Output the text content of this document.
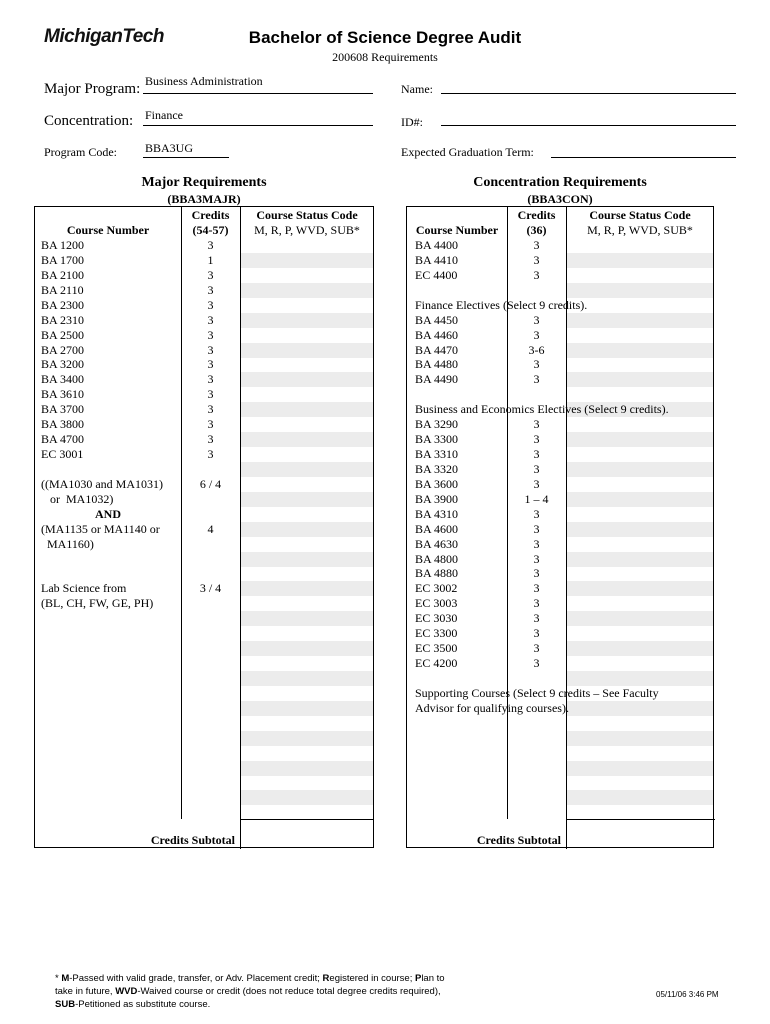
MichiganTech	Bachelor of Science Degree Audit
200608 Requirements
Major Program: Business Administration
Concentration: Finance
Program Code: BBA3UG
Name:
ID#:
Expected Graduation Term:
Major Requirements
(BBA3MAJR)
Concentration Requirements
(BBA3CON)
Credits
(54-57)
Course Number
Course Status Code
M, R, P, WVD, SUB*
BA 1200	3
BA 1700	1
BA 2100	3
BA 2110	3
BA 2300	3
BA 2310	3
BA 2500	3
BA 2700	3
BA 3200	3
BA 3400	3
BA 3610	3
BA 3700	3
BA 3800	3
BA 4700	3
EC 3001	3
((MA1030 and MA1031)	6 / 4
or  MA1032)
AND
(MA1135 or MA1140 or	4
MA1160)
Lab Science from	3 / 4
(BL, CH, FW, GE, PH)
Credits Subtotal
Credits
(36)
Course Number
Course Status Code
M, R, P, WVD, SUB*
BA 4400	3
BA 4410	3
EC 4400	3
Finance Electives (Select 9 credits).
BA 4450	3
BA 4460	3
BA 4470	3-6
BA 4480	3
BA 4490	3
Business and Economics Electives (Select 9 credits).
BA 3290	3
BA 3300	3
BA 3310	3
BA 3320	3
BA 3600	3
BA 3900	1 – 4
BA 4310	3
BA 4600	3
BA 4630	3
BA 4800	3
BA 4880	3
EC 3002	3
EC 3003	3
EC 3030	3
EC 3300	3
EC 3500	3
EC 4200	3
Supporting Courses (Select 9 credits – See Faculty
Advisor for qualifying courses).
Credits Subtotal
* M-Passed with valid grade, transfer, or Adv. Placement credit; Registered in course; Plan to take in future, WVD-Waived course or credit (does not reduce total degree credits required), SUB-Petitioned as substitute course.
05/11/06 3:46 PM
